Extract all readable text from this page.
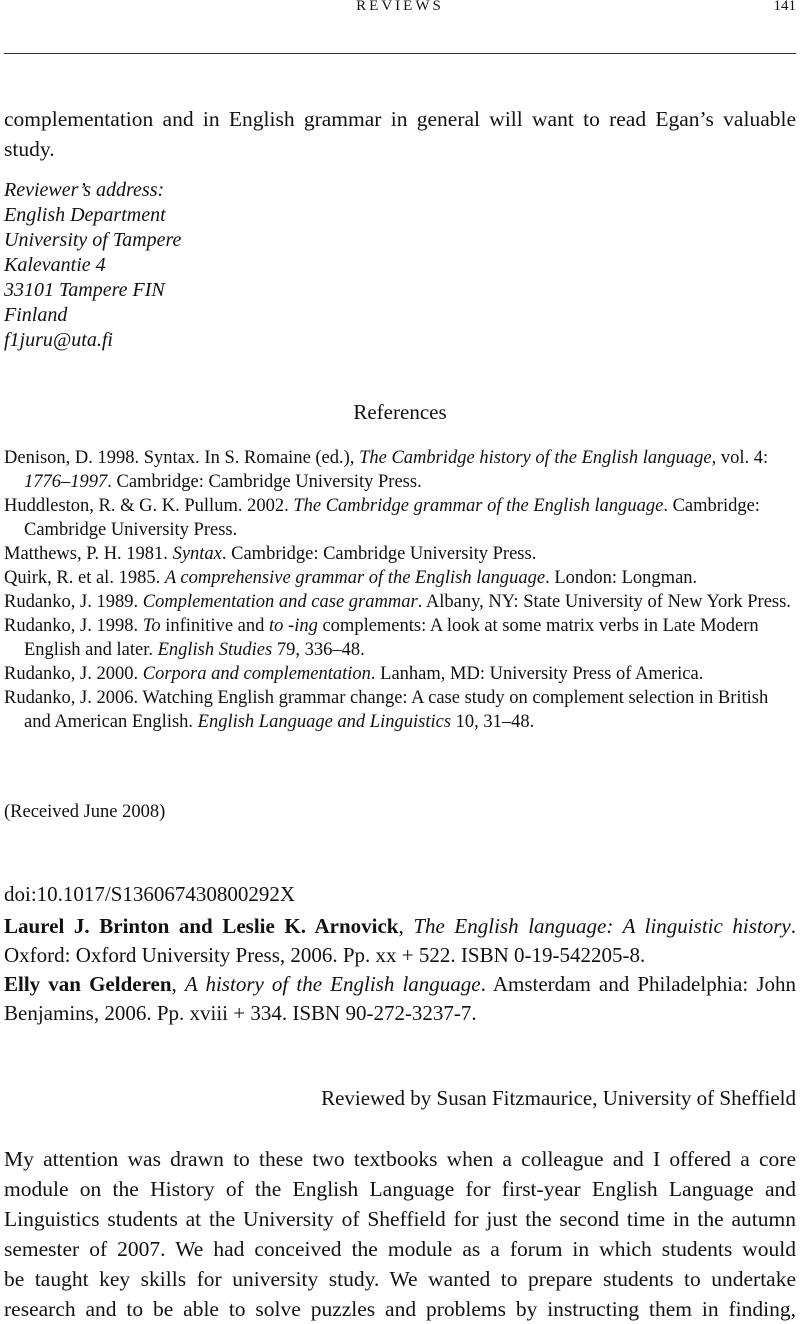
REVIEWS	141
complementation and in English grammar in general will want to read Egan’s valuable study.
Reviewer’s address:
English Department
University of Tampere
Kalevantie 4
33101 Tampere FIN
Finland
f1juru@uta.fi
References
Denison, D. 1998. Syntax. In S. Romaine (ed.), The Cambridge history of the English language, vol. 4: 1776–1997. Cambridge: Cambridge University Press.
Huddleston, R. & G. K. Pullum. 2002. The Cambridge grammar of the English language. Cambridge: Cambridge University Press.
Matthews, P. H. 1981. Syntax. Cambridge: Cambridge University Press.
Quirk, R. et al. 1985. A comprehensive grammar of the English language. London: Longman.
Rudanko, J. 1989. Complementation and case grammar. Albany, NY: State University of New York Press.
Rudanko, J. 1998. To infinitive and to -ing complements: A look at some matrix verbs in Late Modern English and later. English Studies 79, 336–48.
Rudanko, J. 2000. Corpora and complementation. Lanham, MD: University Press of America.
Rudanko, J. 2006. Watching English grammar change: A case study on complement selection in British and American English. English Language and Linguistics 10, 31–48.
(Received June 2008)
doi:10.1017/S136067430800292X
Laurel J. Brinton and Leslie K. Arnovick, The English language: A linguistic history. Oxford: Oxford University Press, 2006. Pp. xx + 522. ISBN 0-19-542205-8.
Elly van Gelderen, A history of the English language. Amsterdam and Philadelphia: John Benjamins, 2006. Pp. xviii + 334. ISBN 90-272-3237-7.
Reviewed by Susan Fitzmaurice, University of Sheffield
My attention was drawn to these two textbooks when a colleague and I offered a core
module on the History of the English Language for first-year English Language and
Linguistics students at the University of Sheffield for just the second time in the autumn
semester of 2007. We had conceived the module as a forum in which students would
be taught key skills for university study. We wanted to prepare students to undertake
research and to be able to solve puzzles and problems by instructing them in finding,
